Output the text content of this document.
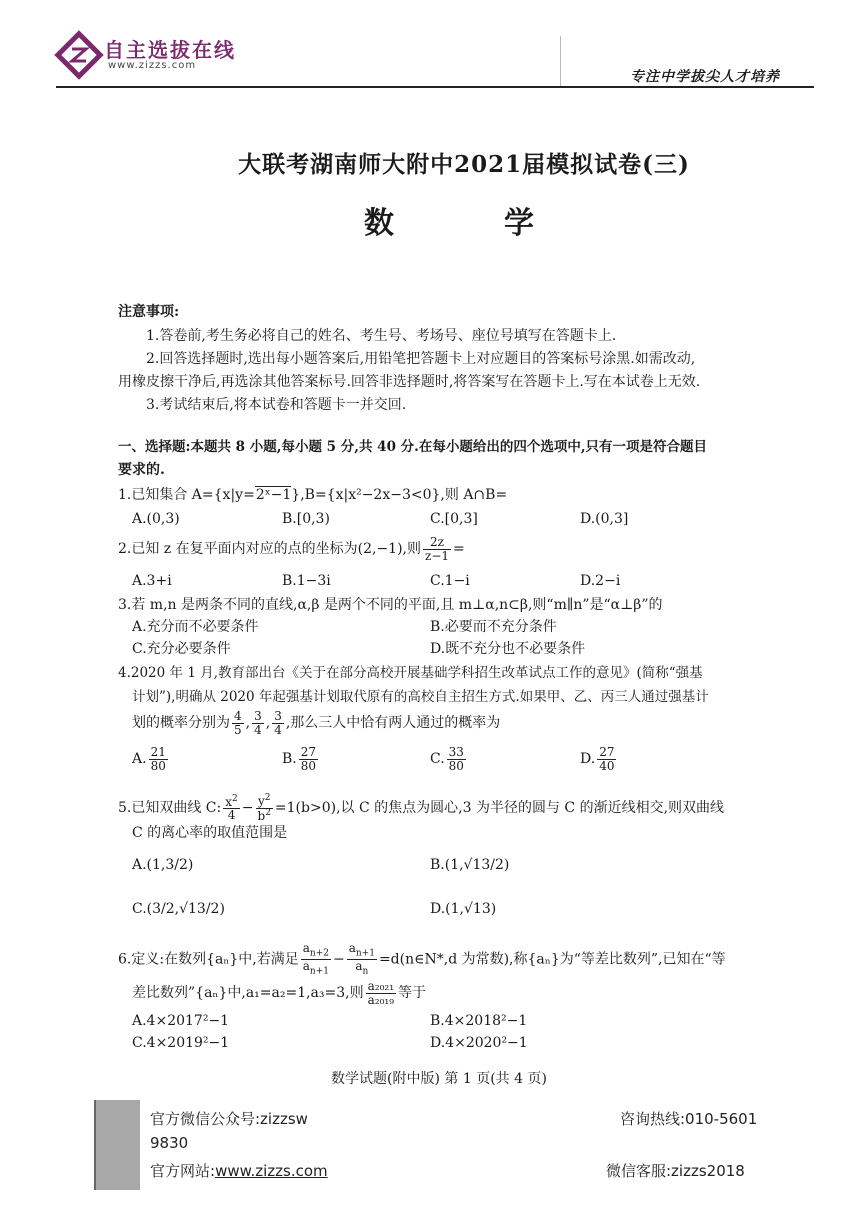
自主选拔在线
www.zizzs.com
专注中学拔尖人才培养
大联考湖南师大附中2021届模拟试卷(三)
数　学
注意事项:
1.答卷前,考生务必将自己的姓名、考生号、考场号、座位号填写在答题卡上.
2.回答选择题时,选出每小题答案后,用铅笔把答题卡上对应题目的答案标号涂黑.如需改动,
用橡皮擦干净后,再选涂其他答案标号.回答非选择题时,将答案写在答题卡上.写在本试卷上无效.
3.考试结束后,将本试卷和答题卡一并交回.
一、选择题:本题共 8 小题,每小题 5 分,共 40 分.在每小题给出的四个选项中,只有一项是符合题目
要求的.
1.已知集合 A={x|y=2ˣ−1},B={x|x²−2x−3<0},则 A∩B=
A.(0,3)	B.[0,3)	C.[0,3]	D.(0,3]
2.已知 z 在复平面内对应的点的坐标为(2,−1),则 $\frac{2z}{z-1}$ =
A.3+i	B.1−3i	C.1−i	D.2−i
3.若 m,n 是两条不同的直线,α,β 是两个不同的平面,且 m⊥α,n⊂β,则“m∥n”是“α⊥β”的
A.充分而不必要条件	B.必要而不充分条件
C.充分必要条件	D.既不充分也不必要条件
4.2020 年 1 月,教育部出台《关于在部分高校开展基础学科招生改革试点工作的意见》(简称“强基
计划”),明确从 2020 年起强基计划取代原有的高校自主招生方式.如果甲、乙、丙三人通过强基计
划的概率分别为 $\frac{4}{5}$ , $\frac{3}{4}$ , $\frac{3}{4}$ ,那么三人中恰有两人通过的概率为
A. $\frac{21}{80}$	B. $\frac{27}{80}$	C. $\frac{33}{80}$	D. $\frac{27}{40}$
5.已知双曲线 C: $\frac{x^2}{4} - \frac{y^2}{b^2} =1(b>0)$,以 C 的焦点为圆心,3 为半径的圆与 C 的渐近线相交,则双曲线
C 的离心率的取值范围是
A.(1,3/2)	B.(1,√13/2)
C.(3/2,√13/2)	D.(1,√13)
6.定义:在数列{aₙ}中,若满足 $\frac{a_{n+2}}{a_{n+1}} - \frac{a_{n+1}}{a_n}$ =d(n∈N*,d 为常数),称{aₙ}为“等差比数列”,已知在“等
差比数列”{aₙ}中,a₁=a₂=1,a₃=3,则 $\frac{\text{a₂₀₂₁}}{\text{a₂₀₁₉}}$ 等于
A.4×2017²−1	B.4×2018²−1
C.4×2019²−1	D.4×2020²−1
数学试题(附中版) 第 1 页(共 4 页)
官方微信公众号:zizzsw	咨询热线:010-5601
9830
官方网站:www.zizzs.com	微信客服:zizzs2018
